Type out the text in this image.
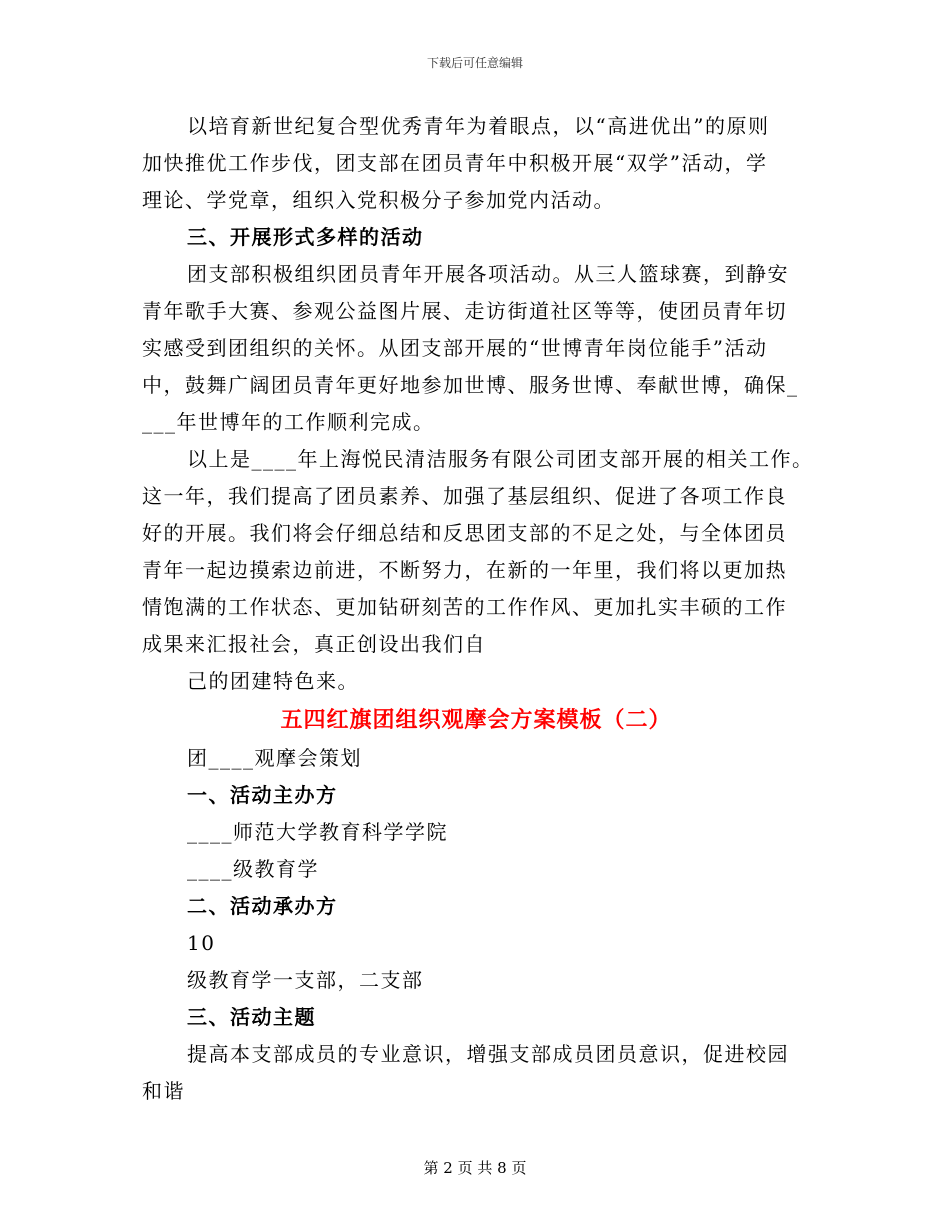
下载后可任意编辑
以培育新世纪复合型优秀青年为着眼点，以“高进优出”的原则
加快推优工作步伐，团支部在团员青年中积极开展“双学”活动，学
理论、学党章，组织入党积极分子参加党内活动。
三、开展形式多样的活动
团支部积极组织团员青年开展各项活动。从三人篮球赛，到静安
青年歌手大赛、参观公益图片展、走访街道社区等等，使团员青年切
实感受到团组织的关怀。从团支部开展的“世博青年岗位能手”活动
中，鼓舞广阔团员青年更好地参加世博、服务世博、奉献世博，确保_
___年世博年的工作顺利完成。
以上是____年上海悦民清洁服务有限公司团支部开展的相关工作。
这一年，我们提高了团员素养、加强了基层组织、促进了各项工作良
好的开展。我们将会仔细总结和反思团支部的不足之处，与全体团员
青年一起边摸索边前进，不断努力，在新的一年里，我们将以更加热
情饱满的工作状态、更加钻研刻苦的工作作风、更加扎实丰硕的工作
成果来汇报社会，真正创设出我们自
己的团建特色来。
五四红旗团组织观摩会方案模板（二）
团____观摩会策划
一、活动主办方
____师范大学教育科学学院
____级教育学
二、活动承办方
10
级教育学一支部，二支部
三、活动主题
提高本支部成员的专业意识，增强支部成员团员意识，促进校园
和谐
第 2 页 共 8 页
